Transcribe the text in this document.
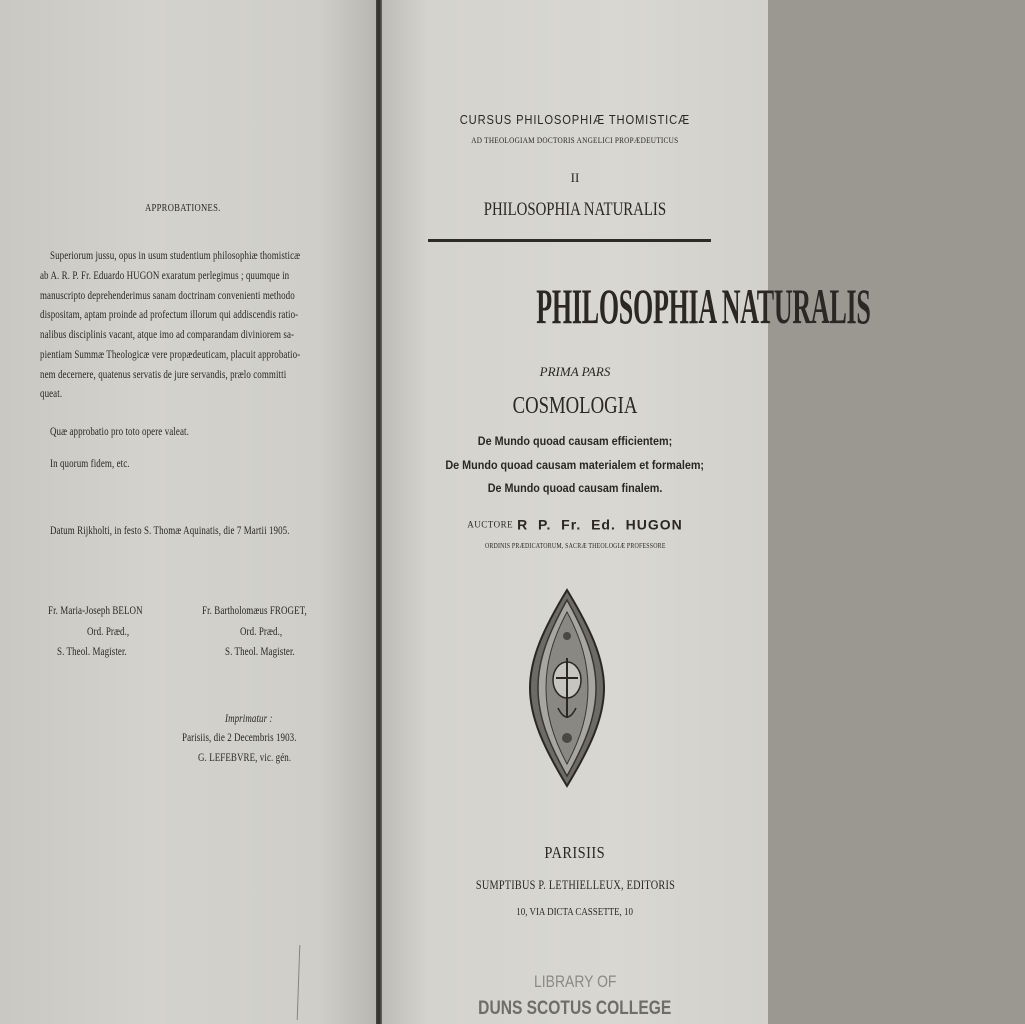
APPROBATIONES.
Superiorum jussu, opus in usum studentium philosophiæ thomisticæ
ab A. R. P. Fr. Eduardo HUGON exaratum perlegimus ; quumque in
manuscripto deprehenderimus sanam doctrinam convenienti methodo
dispositam, aptam proinde ad profectum illorum qui addiscendis ratio-
nalibus disciplinis vacant, atque imo ad comparandam diviniorem sa-
pientiam Summæ Theologicæ vere propædeuticam, placuit approbatio-
nem decernere, quatenus servatis de jure servandis, prælo committi
queat.
Quæ approbatio pro toto opere valeat.
In quorum fidem, etc.
Datum Rijkholti, in festo S. Thomæ Aquinatis, die 7 Martii 1905.
Fr. Maria-Joseph BELON
Ord. Præd.,
S. Theol. Magister.
Fr. Bartholomæus FROGET,
Ord. Præd.,
S. Theol. Magister.
Imprimatur :
Parisiis, die 2 Decembris 1903.
G. LEFEBVRE, vic. gén.
CURSUS PHILOSOPHIÆ THOMISTICÆ
AD THEOLOGIAM DOCTORIS ANGELICI PROPÆDEUTICUS
II
PHILOSOPHIA NATURALIS
PHILOSOPHIA NATURALIS
PRIMA PARS
COSMOLOGIA
De Mundo quoad causam efficientem;
De Mundo quoad causam materialem et formalem;
De Mundo quoad causam finalem.
AUCTORE R  P.  Fr.  Ed.  HUGON
ORDINIS PRÆDICATORUM, SACRÆ THEOLOGIÆ PROFESSORE
PARISIIS
SUMPTIBUS P. LETHIELLEUX, EDITORIS
10, VIA DICTA CASSETTE, 10
LIBRARY OF
DUNS SCOTUS COLLEGE
